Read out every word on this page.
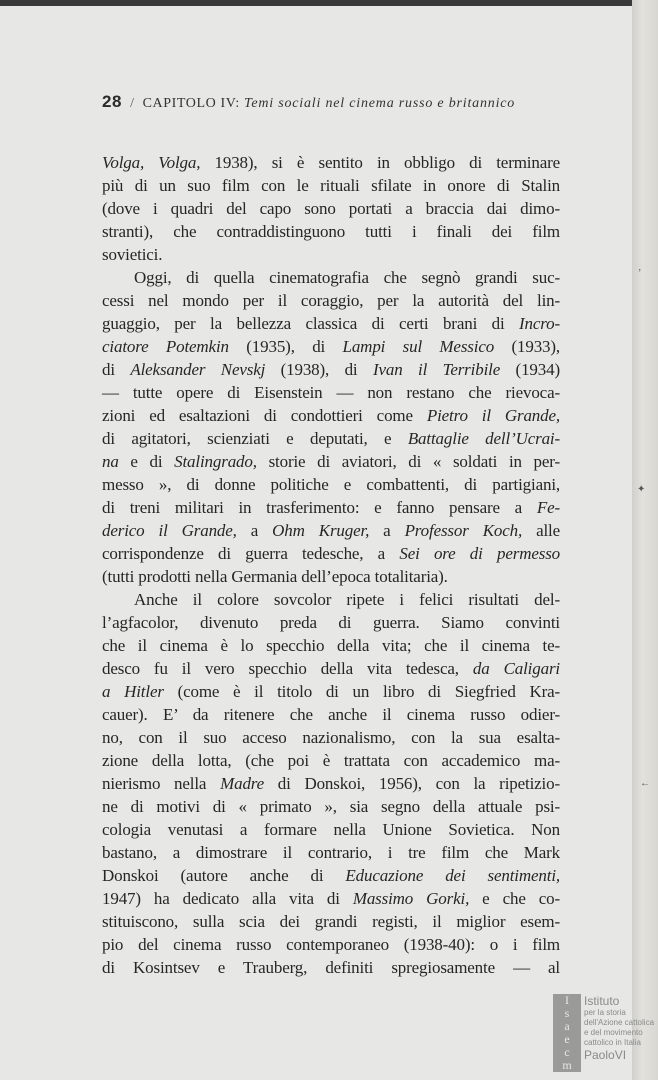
28 / CAPITOLO IV: Temi sociali nel cinema russo e britannico
Volga, Volga, 1938), si è sentito in obbligo di terminare
più di un suo film con le rituali sfilate in onore di Stalin
(dove i quadri del capo sono portati a braccia dai dimo-
stranti), che contraddistinguono tutti i finali dei film
sovietici.
Oggi, di quella cinematografia che segnò grandi suc-
cessi nel mondo per il coraggio, per la autorità del lin-
guaggio, per la bellezza classica di certi brani di Incro-
ciatore Potemkin (1935), di Lampi sul Messico (1933),
di Aleksander Nevskj (1938), di Ivan il Terribile (1934)
— tutte opere di Eisenstein — non restano che rievoca-
zioni ed esaltazioni di condottieri come Pietro il Grande,
di agitatori, scienziati e deputati, e Battaglie dell’Ucrai-
na e di Stalingrado, storie di aviatori, di « soldati in per-
messo », di donne politiche e combattenti, di partigiani,
di treni militari in trasferimento: e fanno pensare a Fe-
derico il Grande, a Ohm Kruger, a Professor Koch, alle
corrispondenze di guerra tedesche, a Sei ore di permesso
(tutti prodotti nella Germania dell’epoca totalitaria).
Anche il colore sovcolor ripete i felici risultati del-
l’agfacolor, divenuto preda di guerra. Siamo convinti
che il cinema è lo specchio della vita; che il cinema te-
desco fu il vero specchio della vita tedesca, da Caligari
a Hitler (come è il titolo di un libro di Siegfried Kra-
cauer). E’ da ritenere che anche il cinema russo odier-
no, con il suo acceso nazionalismo, con la sua esalta-
zione della lotta, (che poi è trattata con accademico ma-
nierismo nella Madre di Donskoi, 1956), con la ripetizio-
ne di motivi di « primato », sia segno della attuale psi-
cologia venutasi a formare nella Unione Sovietica. Non
bastano, a dimostrare il contrario, i tre film che Mark
Donskoi (autore anche di Educazione dei sentimenti,
1947) ha dedicato alla vita di Massimo Gorki, e che co-
stituiscono, sulla scia dei grandi registi, il miglior esem-
pio del cinema russo contemporaneo (1938-40): o i film
di Kosintsev e Trauberg, definiti spregiosamente — al
ʼ
✦
←
I
s
a
e
c
m
Istituto
per la storia
dell'Azione cattolica
e del movimento
cattolico in Italia
PaoloVI
